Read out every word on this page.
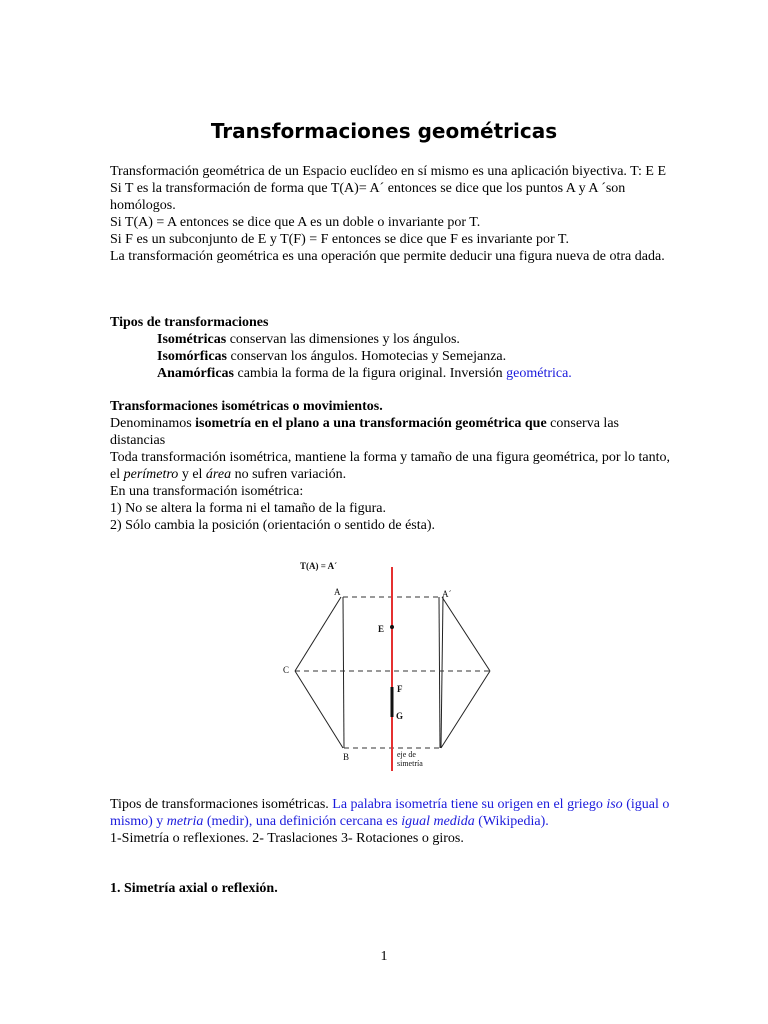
Transformaciones geométricas

Transformación geométrica de un Espacio euclídeo en sí mismo es una aplicación biyectiva. T: E E

Si T es la transformación de forma que T(A)= A´ entonces se dice que los puntos A y A ´son homólogos.

Si T(A) = A entonces se dice que A es un doble o invariante por T.

Si F es un subconjunto de E y T(F) = F entonces se dice que F es invariante por T.

La transformación geométrica es una operación que permite deducir una figura nueva de otra dada.

Tipos de transformaciones

Isométricas conservan las dimensiones y los ángulos.

Isomórficas conservan los ángulos. Homotecias y Semejanza.

Anamórficas cambia la forma de la figura original. Inversión geométrica.

Transformaciones isométricas o movimientos.

Denominamos isometría en el plano a una transformación geométrica que conserva las distancias

Toda transformación isométrica, mantiene la forma y tamaño de una figura geométrica, por lo tanto, el perímetro y el área no sufren variación.

En una transformación isométrica:

1) No se altera la forma ni el tamaño de la figura.

2) Sólo cambia la posición (orientación o sentido de ésta).

T(A) = A´
A	A´
C
B
E
F
G
eje de
simetría

Tipos de transformaciones isométricas. La palabra isometría tiene su origen en el griego iso (igual o mismo) y metria (medir), una definición cercana es igual medida (Wikipedia).

1-Simetría o reflexiones. 2- Traslaciones 3- Rotaciones o giros.

1. Simetría axial o reflexión.

1
